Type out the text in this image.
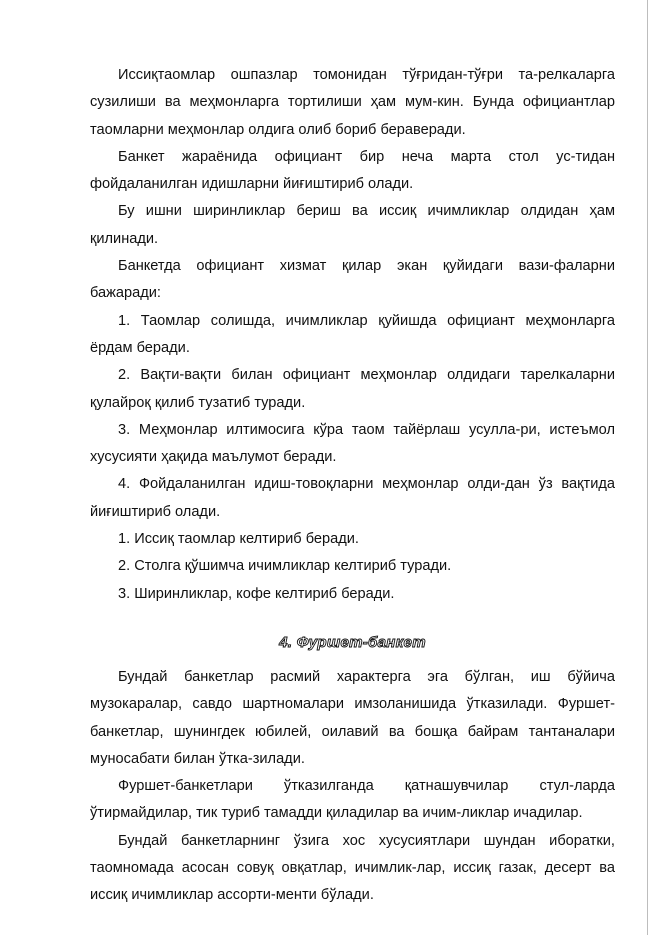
Иссиқтаомлар ошпазлар томонидан тўғридан-тўғри та-релкаларга сузилиши ва меҳмонларга тортилиши ҳам мум-кин. Бунда официантлар таомларни меҳмонлар олдига олиб бориб бераверади.

Банкет жараёнида официант бир неча марта стол ус-тидан фойдаланилган идишларни йиғиштириб олади.

Бу ишни ширинликлар бериш ва иссиқ ичимликлар олдидан ҳам қилинади.

Банкетда официант хизмат қилар экан қуйидаги вази-фаларни бажаради:

1. Таомлар солишда, ичимликлар қуйишда официант меҳмонларга ёрдам беради.

2. Вақти-вақти билан официант меҳмонлар олдидаги тарелкаларни қулайроқ қилиб тузатиб туради.

3. Меҳмонлар илтимосига кўра таом тайёрлаш усулла-ри, истеъмол хусусияти ҳақида маълумот беради.

4. Фойдаланилган идиш-товоқларни меҳмонлар олди-дан ўз вақтида йиғиштириб олади.

1. Иссиқ таомлар келтириб беради.

2. Столга қўшимча ичимликлар келтириб туради.

3. Ширинликлар, кофе келтириб беради.

4. Фуршет-банкет

Бундай банкетлар расмий характерга эга бўлган, иш бўйича музокаралар, савдо шартномалари имзоланишида ўтказилади. Фуршет-банкетлар, шунингдек юбилей, оилавий ва бошқа байрам тантаналари муносабати билан ўтка-зилади.

Фуршет-банкетлари ўтказилганда қатнашувчилар стул-ларда ўтирмайдилар, тик туриб тамадди қиладилар ва ичим-ликлар ичадилар.

Бундай банкетларнинг ўзига хос хусусиятлари шундан иборатки, таомномада асосан совуқ овқатлар, ичимлик-лар, иссиқ газак, десерт ва иссиқ ичимликлар ассорти-менти бўлади.
